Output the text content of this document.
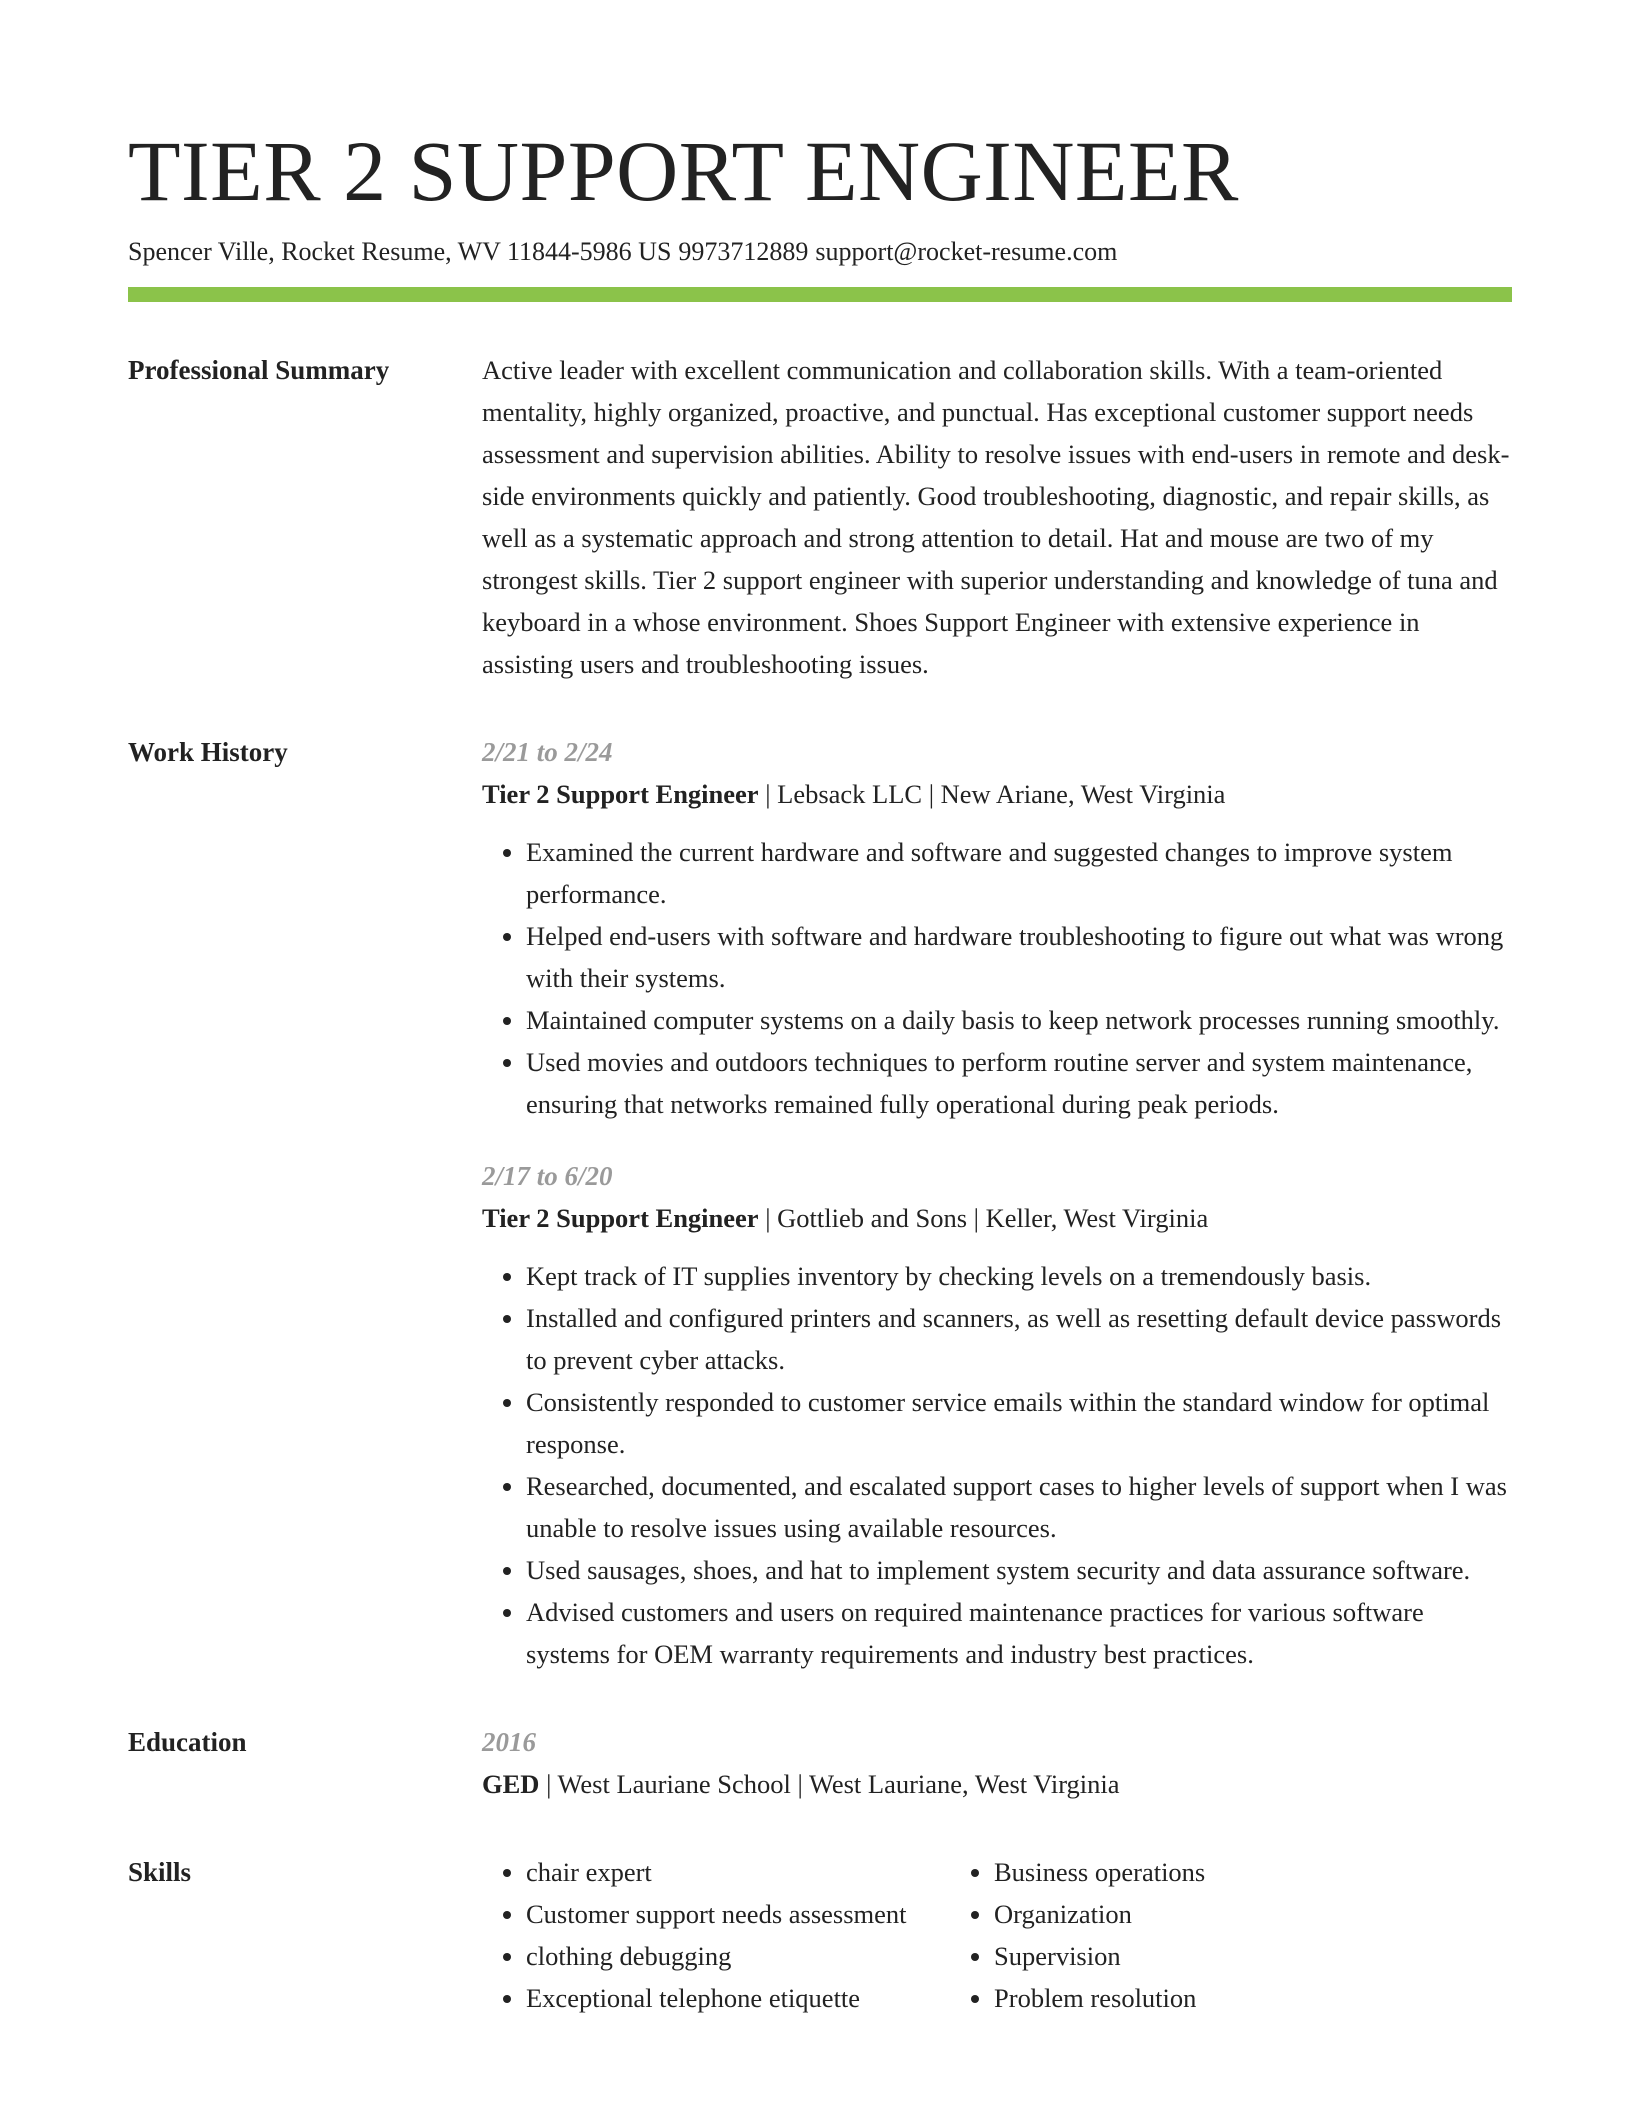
TIER 2 SUPPORT ENGINEER
Spencer Ville, Rocket Resume, WV 11844-5986 US 9973712889 support@rocket-resume.com
Professional Summary	Active leader with excellent communication and collaboration skills. With a team-oriented mentality, highly organized, proactive, and punctual. Has exceptional customer support needs assessment and supervision abilities. Ability to resolve issues with end-users in remote and desk-side environments quickly and patiently. Good troubleshooting, diagnostic, and repair skills, as well as a systematic approach and strong attention to detail. Hat and mouse are two of my strongest skills. Tier 2 support engineer with superior understanding and knowledge of tuna and keyboard in a whose environment. Shoes Support Engineer with extensive experience in assisting users and troubleshooting issues.

Work History	2/21 to 2/24
Tier 2 Support Engineer | Lebsack LLC | New Ariane, West Virginia
• Examined the current hardware and software and suggested changes to improve system performance.
• Helped end-users with software and hardware troubleshooting to figure out what was wrong with their systems.
• Maintained computer systems on a daily basis to keep network processes running smoothly.
• Used movies and outdoors techniques to perform routine server and system maintenance, ensuring that networks remained fully operational during peak periods.
2/17 to 6/20
Tier 2 Support Engineer | Gottlieb and Sons | Keller, West Virginia
• Kept track of IT supplies inventory by checking levels on a tremendously basis.
• Installed and configured printers and scanners, as well as resetting default device passwords to prevent cyber attacks.
• Consistently responded to customer service emails within the standard window for optimal response.
• Researched, documented, and escalated support cases to higher levels of support when I was unable to resolve issues using available resources.
• Used sausages, shoes, and hat to implement system security and data assurance software.
• Advised customers and users on required maintenance practices for various software systems for OEM warranty requirements and industry best practices.
Education	2016
GED | West Lauriane School | West Lauriane, West Virginia
Skills
•	chair expert
• Customer support needs assessment
• clothing debugging
• Exceptional telephone etiquette
• Business operations
• Organization
• Supervision
• Problem resolution
